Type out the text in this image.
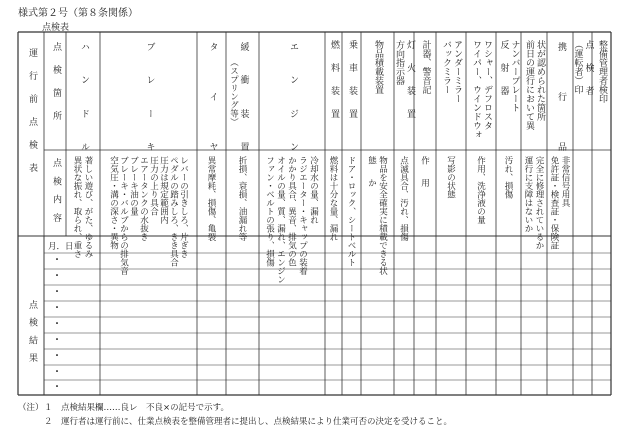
様式第２号（第８条関係）
点検表
運行前点検表 点検箇所
点検内容
ハ
ン
ド
ル
著しい遊び、がた、ゆるみ
異状な振れ、取られ、重さ
ブ
レ
ー
キ
レバーの引きしろ、片ぎき
ペダルの踏みしろ、きき具合
圧力は規定範囲内
圧力の上り具合
エアータンクの水抜き
ブレーキ油の量
ブレーキ・バルブからの排気音
空気圧・溝の深さ・異物
タ
イ
ヤ
異常摩耗、損傷、亀裂
緩
衝
装
置
（スプリング等）
折損、衰損、油漏れ等
エ
ン
ジ
ン
冷却水の量、漏れ
ラジエーター・キャップの装着
かかり具合、異音、排気の色
オイルの量、質、漏れ、エンジン
ファン・ベルトの張り、損傷
燃料装置
燃料は十分な量、漏れ
乗車装置
ドア・ロック、シートベルト
物品積載装置
物品を安全確実に積載できる状
態か
灯火装置
方向指示器
点滅具合、汚れ、損傷
計器、警音記
作用
アンダーミラー
バックミラー
写影の状態
ワシャー、デフロスタ
ワイパー、ウインドウォ
作用、洗浄液の量
ナンバープレート
反射器
汚れ、損傷
状が認められた箇所
前日の運行において異
完全に修理されているか
運行に支障はないか
携
行
品
非常信号用具
免許証・検査証・保険証
点検者
（運転者）印 整備管理者検印
点検結果
月．日
・
・
・
・
・
・
・
・
・
（注） １　点検結果欄……良レ　不良×の記号で示す。
２　運行者は運行前に、仕業点検表を整備管理者に提出し、点検結果により仕業可否の決定を受けること。
